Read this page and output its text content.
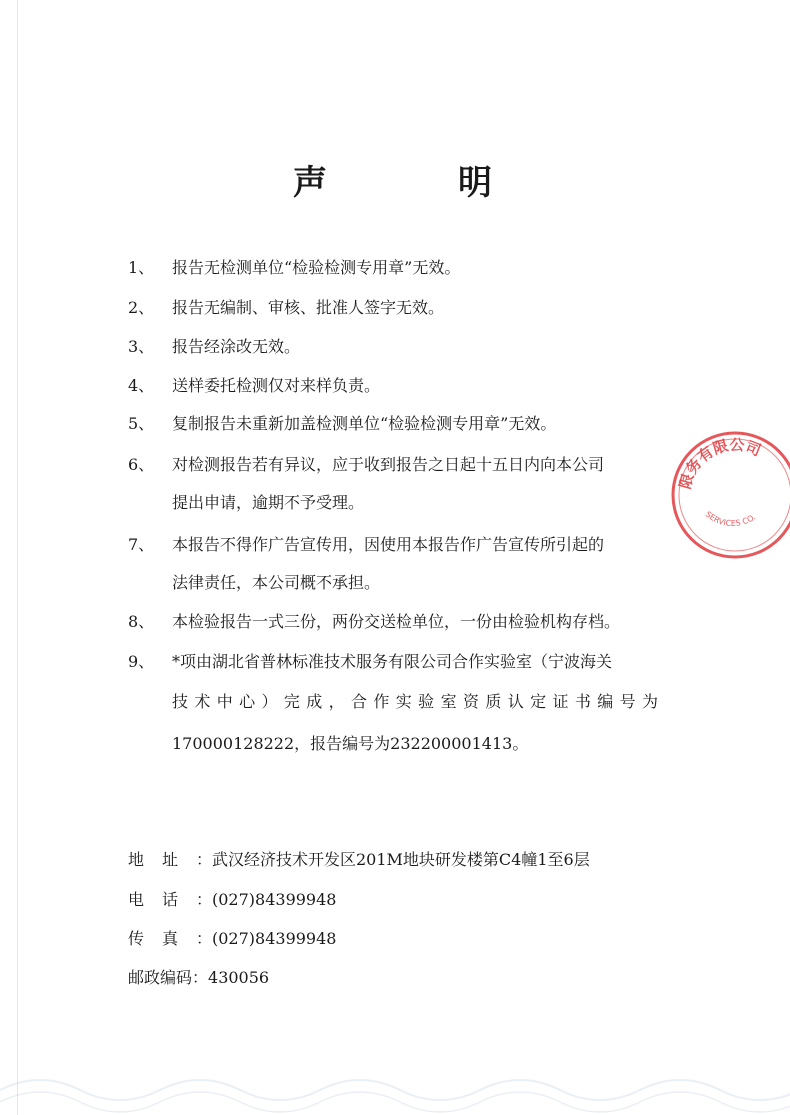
声	明
1、 报告无检测单位“检验检测专用章”无效。
2、 报告无编制、审核、批准人签字无效。
3、 报告经涂改无效。
4、 送样委托检测仅对来样负责。
5、 复制报告未重新加盖检测单位“检验检测专用章”无效。
6、 对检测报告若有异议，应于收到报告之日起十五日内向本公司
提出申请，逾期不予受理。
7、 本报告不得作广告宣传用，因使用本报告作广告宣传所引起的
法律责任，本公司概不承担。
8、 本检验报告一式三份，两份交送检单位，一份由检验机构存档。
9、 *项由湖北省普林标准技术服务有限公司合作实验室（宁波海关
技术中心）完成，合作实验室资质认定证书编号为
170000128222，报告编号为232200001413。
地址：武汉经济技术开发区201M地块研发楼第C4幢1至6层
电话：(027)84399948
传真：(027)84399948
邮政编码：430056
限务有限公司
SERVICES CO.
